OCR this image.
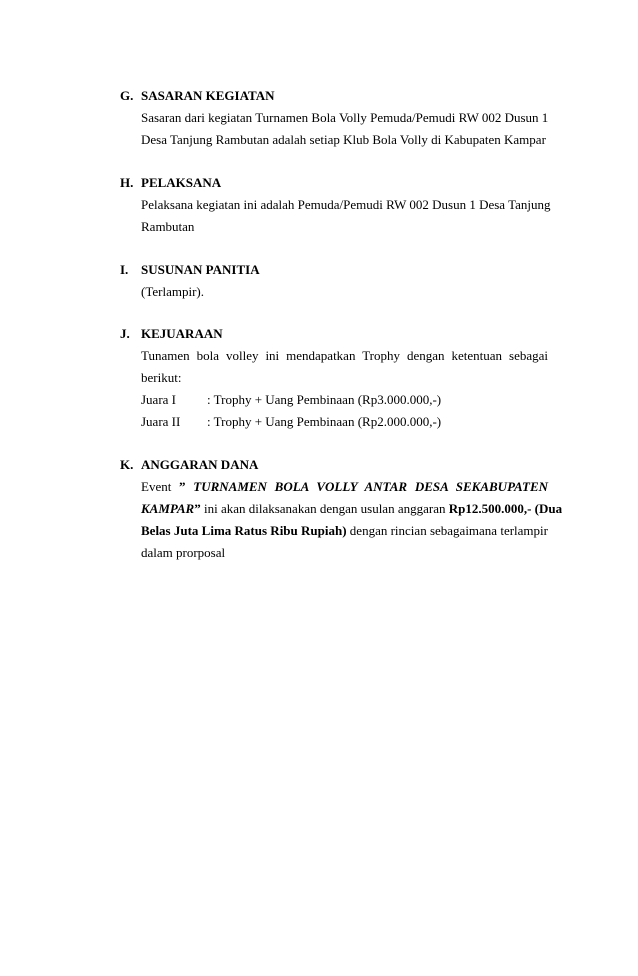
G. SASARAN KEGIATAN
Sasaran dari kegiatan Turnamen Bola Volly Pemuda/Pemudi RW 002 Dusun 1
Desa Tanjung Rambutan adalah setiap Klub Bola Volly di Kabupaten Kampar
H. PELAKSANA
Pelaksana kegiatan ini adalah Pemuda/Pemudi RW 002 Dusun 1 Desa Tanjung
Rambutan
I. SUSUNAN PANITIA
(Terlampir).
J. KEJUARAAN
Tunamen bola volley ini mendapatkan Trophy dengan ketentuan sebagai
berikut:
Juara I : Trophy + Uang Pembinaan (Rp3.000.000,-)
Juara II : Trophy + Uang Pembinaan (Rp2.000.000,-)
K. ANGGARAN DANA
Event ” TURNAMEN BOLA VOLLY ANTAR DESA SEKABUPATEN
KAMPAR” ini akan dilaksanakan dengan usulan anggaran Rp12.500.000,- (Dua
Belas Juta Lima Ratus Ribu Rupiah) dengan rincian sebagaimana terlampir
dalam prorposal
